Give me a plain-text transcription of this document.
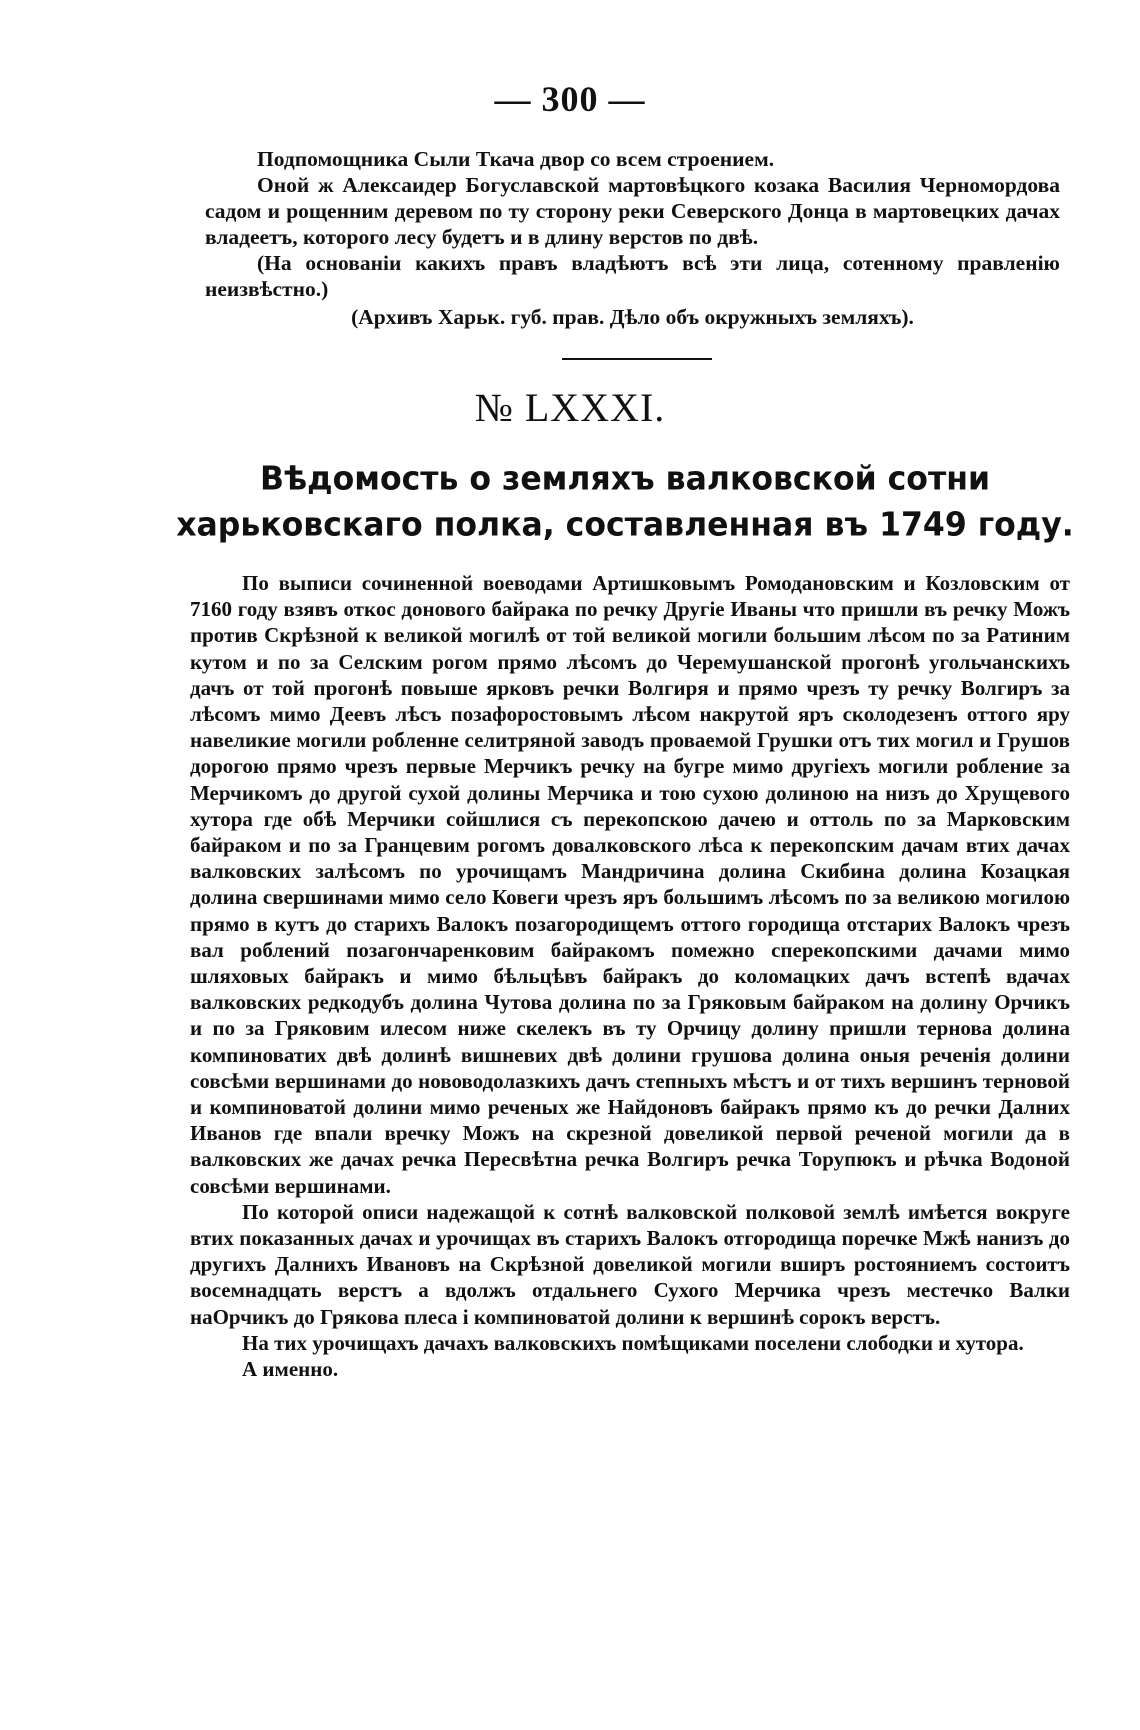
— 300 —

Подпомощника Сыли Ткача двор со всем строением.

Оной ж Алексаидер Богуславской мартовѣцкого козака Василия Черномордова садом и рощенним деревом по ту сторону реки Северского Донца в мартовецких дачах владеетъ, которого лесу будетъ и в длину верстов по двѣ.

(На основанiи какихъ правъ владѣютъ всѣ эти лица, сотенному правленiю неизвѣстно.)

(Архивъ Харьк. губ. прав. Дѣло объ окружныхъ земляхъ).

№ LXXXI.
Вѣдомость о земляхъ валковской сотни харьковскаго полка, составленная въ 1749 году.

По выписи сочиненной воеводами Артишковымъ Ромодановским и Козловским от 7160 году взявъ откос донового байрака по речку Другiе Иваны что пришли въ речку Можъ против Скрѣзной к великой могилѣ от той великой могили большим лѣсом по за Ратиним кутом и по за Селским рогом прямо лѣсомъ до Черемушанской прогонѣ угольчанскихъ дачъ от той прогонѣ повыше ярковъ речки Волгиря и прямо чрезъ ту речку Волгиръ за лѣсомъ мимо Деевъ лѣсъ позафоростовымъ лѣсом накрутой яръ сколодезенъ оттого яру навеликие могили робленне селитряной заводъ проваемой Грушки отъ тих могил и Грушов дорогою прямо чрезъ первые Мерчикъ речку на бугре мимо другiехъ могили робление за Мерчикомъ до другой сухой долины Мерчика и тою сухою долиною на низъ до Хрущевого хутора где обѣ Мерчики сойшлися съ перекопскою дачею и оттоль по за Марковским байраком и по за Гранцевим рогомъ довалковского лѣса к перекопским дачам втих дачах валковских залѣсомъ по урочищамъ Мандричина долина Скибина долина Козацкая долина свершинами мимо село Ковеги чрезъ яръ большимъ лѣсомъ по за великою могилою прямо в кутъ до старихъ Валокъ позагородищемъ оттого городища отстарих Валокъ чрезъ вал роблений позагончаренковим байракомъ помежно сперекопскими дачами мимо шляховых байракъ и мимо бѣльцѣвъ байракъ до коломацких дачъ встепѣ вдачах валковских редкодубъ долина Чутова долина по за Гряковым байраком на долину Орчикъ и по за Гряковим илесом ниже скелекъ въ ту Орчицу долину пришли тернова долина компиноватих двѣ долинѣ вишневих двѣ долини грушова долина оныя реченiя долини совсѣми вершинами до нововодолазкихъ дачъ степныхъ мѣстъ и от тихъ вершинъ терновой и компиноватой долини мимо реченых же Найдоновъ байракъ прямо къ до речки Далних Иванов где впали вречку Можъ на скрезной довеликой первой реченой могили да в валковских же дачах речка Пересвѣтна речка Волгиръ речка Торупюкъ и рѣчка Водоной совсѣми вершинами.

По которой описи надежащой к сотнѣ валковской полковой землѣ имѣется вокруге втих показанных дачах и урочищах въ старихъ Валокъ отгородища поречке Мжѣ нанизъ до другихъ Далнихъ Ивановъ на Скрѣзной довеликой могили вширъ ростояниемъ состоитъ восемнадцать верстъ а вдолжъ отдальнего Сухого Мерчика чрезъ местечко Валки наОрчикъ до Грякова плеса і компиноватой долини к вершинѣ сорокъ верстъ.

На тих урочищахъ дачахъ валковскихъ помѣщиками поселени слободки и хутора.

А именно.
